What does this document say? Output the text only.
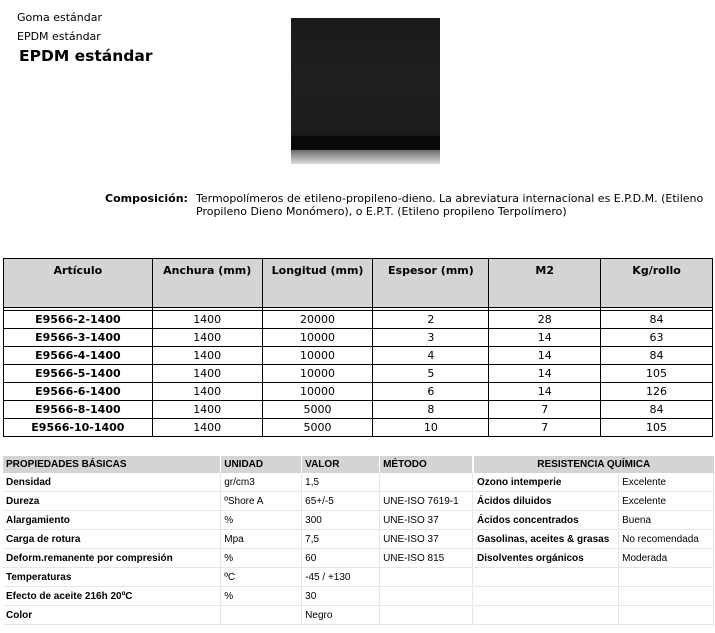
Goma estándar
EPDM estándar
EPDM estándar
Composición: Termopolímeros de etileno-propileno-dieno. La abreviatura internacional es E.P.D.M. (Etileno Propileno Dieno Monómero), o E.P.T. (Etileno propileno Terpolímero)
Artículo	Anchura (mm)	Longitud (mm)	Espesor (mm)	M2	Kg/rollo

E9566-2-1400	1400	20000	2	28	84
E9566-3-1400	1400	10000	3	14	63
E9566-4-1400	1400	10000	4	14	84
E9566-5-1400	1400	10000	5	14	105
E9566-6-1400	1400	10000	6	14	126
E9566-8-1400	1400	5000	8	7	84
E9566-10-1400	1400	5000	10	7	105
PROPIEDADES BÁSICAS	UNIDAD	VALOR	MÉTODO
Densidad	gr/cm3	1,5	
Dureza	ºShore A	65+/-5	UNE-ISO 7619-1
Alargamiento	%	300	UNE-ISO 37
Carga de rotura	Mpa	7,5	UNE-ISO 37
Deform.remanente por compresión	%	60	UNE-ISO 815
Temperaturas	ºC	-45 / +130	
Efecto de aceite 216h 20ºC	%	30	
Color		Negro	
RESISTENCIA QUÍMICA	
Ozono intemperie	Excelente
Ácidos diluidos	Excelente
Ácidos concentrados	Buena
Gasolinas, aceites & grasas	No recomendada
Disolventes orgánicos	Moderada
